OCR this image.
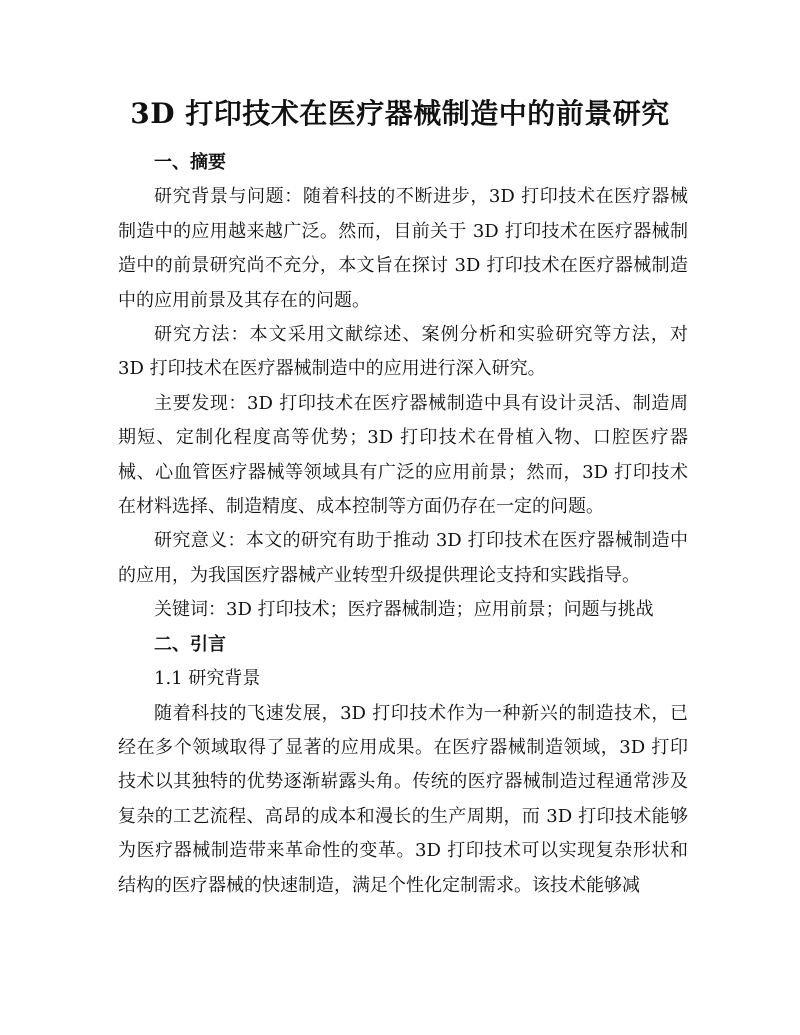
3D 打印技术在医疗器械制造中的前景研究
一、摘要

研究背景与问题：随着科技的不断进步，3D 打印技术在医疗器械制造中的应用越来越广泛。然而，目前关于 3D 打印技术在医疗器械制造中的前景研究尚不充分，本文旨在探讨 3D 打印技术在医疗器械制造中的应用前景及其存在的问题。

研究方法：本文采用文献综述、案例分析和实验研究等方法，对 3D 打印技术在医疗器械制造中的应用进行深入研究。

主要发现：3D 打印技术在医疗器械制造中具有设计灵活、制造周期短、定制化程度高等优势；3D 打印技术在骨植入物、口腔医疗器械、心血管医疗器械等领域具有广泛的应用前景；然而，3D 打印技术在材料选择、制造精度、成本控制等方面仍存在一定的问题。

研究意义：本文的研究有助于推动 3D 打印技术在医疗器械制造中的应用，为我国医疗器械产业转型升级提供理论支持和实践指导。

关键词：3D 打印技术；医疗器械制造；应用前景；问题与挑战

二、引言
1.1 研究背景

随着科技的飞速发展，3D 打印技术作为一种新兴的制造技术，已经在多个领域取得了显著的应用成果。在医疗器械制造领域，3D 打印技术以其独特的优势逐渐崭露头角。传统的医疗器械制造过程通常涉及复杂的工艺流程、高昂的成本和漫长的生产周期，而 3D 打印技术能够为医疗器械制造带来革命性的变革。3D 打印技术可以实现复杂形状和结构的医疗器械的快速制造，满足个性化定制需求。该技术能够减
